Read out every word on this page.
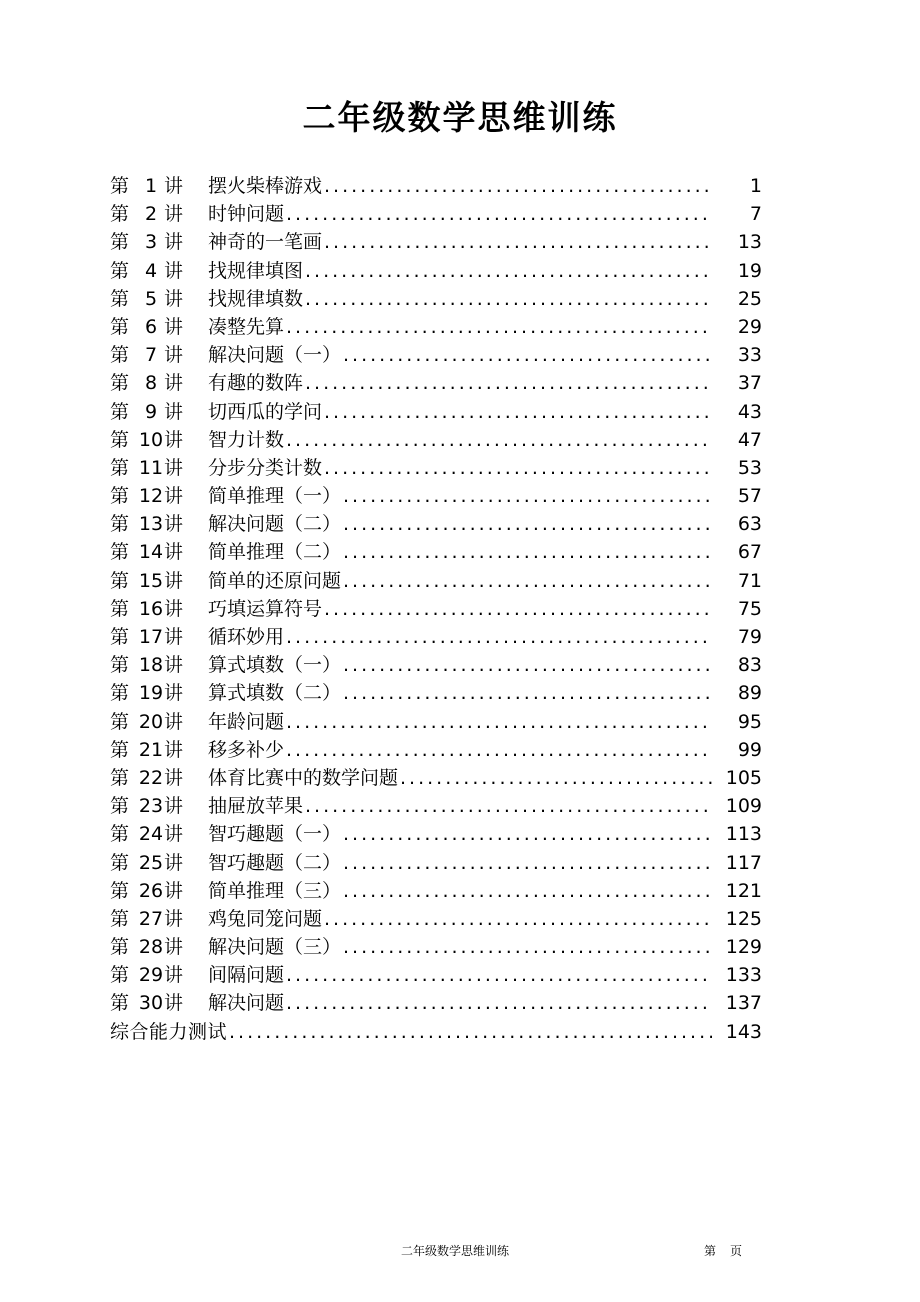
二年级数学思维训练
第 1 讲	摆火柴棒游戏 .....	1
第 2 讲	时钟问题 .....	7
第 3 讲	神奇的一笔画 .....	13
第 4 讲	找规律填图 .....	19
第 5 讲	找规律填数 .....	25
第 6 讲	凑整先算 .....	29
第 7 讲	解决问题（一） .....	33
第 8 讲	有趣的数阵 .....	37
第 9 讲	切西瓜的学问 .....	43
第 10 讲	智力计数 .....	47
第 11 讲	分步分类计数 .....	53
第 12 讲	简单推理（一） .....	57
第 13 讲	解决问题（二） .....	63
第 14 讲	简单推理（二） .....	67
第 15 讲	简单的还原问题 .....	71
第 16 讲	巧填运算符号 .....	75
第 17 讲	循环妙用 .....	79
第 18 讲	算式填数（一） .....	83
第 19 讲	算式填数（二） .....	89
第 20 讲	年龄问题 .....	95
第 21 讲	移多补少 .....	99
第 22 讲	体育比赛中的数学问题 .....	105
第 23 讲	抽屉放苹果 .....	109
第 24 讲	智巧趣题（一） .....	113
第 25 讲	智巧趣题（二） .....	117
第 26 讲	简单推理（三） .....	121
第 27 讲	鸡兔同笼问题 .....	125
第 28 讲	解决问题（三） .....	129
第 29 讲	间隔问题 .....	133
第 30 讲	解决问题 .....	137
综合能力测试 .....	143
二年级数学思维训练	第 页
